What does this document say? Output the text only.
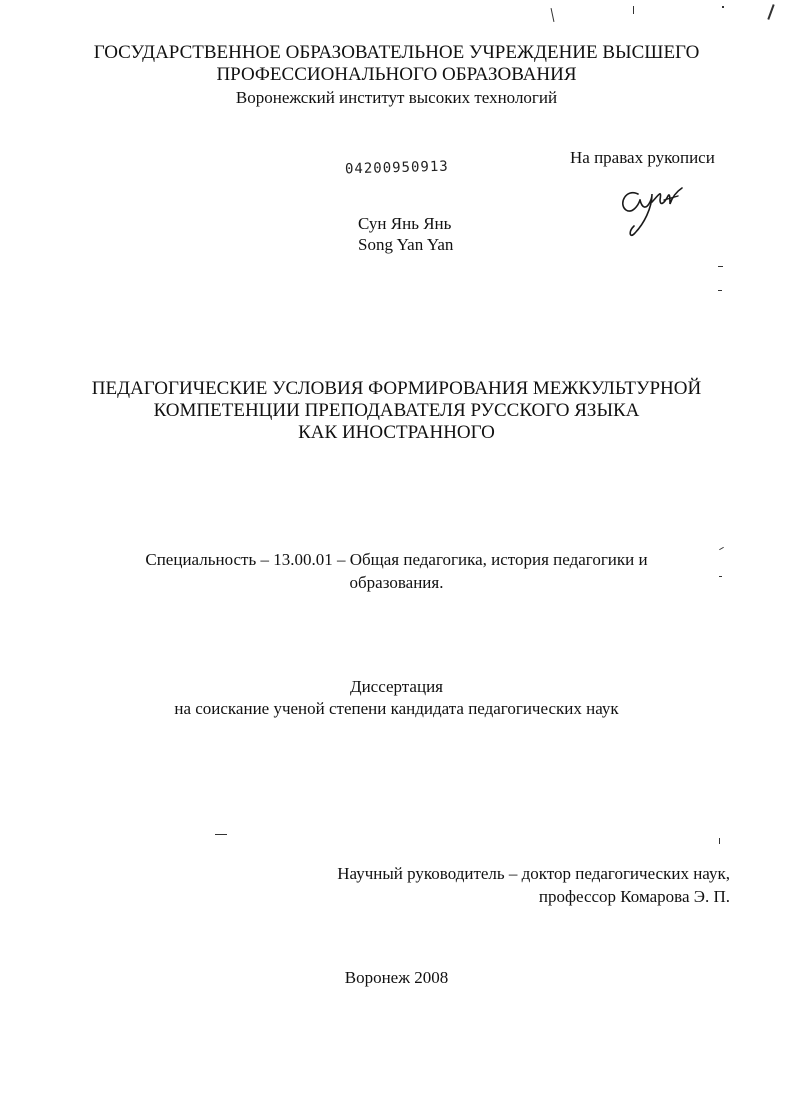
ГОСУДАРСТВЕННОЕ ОБРАЗОВАТЕЛЬНОЕ УЧРЕЖДЕНИЕ ВЫСШЕГО
ПРОФЕССИОНАЛЬНОГО ОБРАЗОВАНИЯ
Воронежский институт высоких технологий
04200950913
На правах рукописи
Сун Янь Янь
Song Yan Yan
ПЕДАГОГИЧЕСКИЕ УСЛОВИЯ ФОРМИРОВАНИЯ МЕЖКУЛЬТУРНОЙ
КОМПЕТЕНЦИИ ПРЕПОДАВАТЕЛЯ РУССКОГО ЯЗЫКА
КАК ИНОСТРАННОГО
Специальность – 13.00.01 – Общая педагогика, история педагогики и
образования.
Диссертация
на соискание ученой степени кандидата педагогических наук
Научный руководитель – доктор педагогических наук,
профессор Комарова Э. П.
Воронеж 2008
